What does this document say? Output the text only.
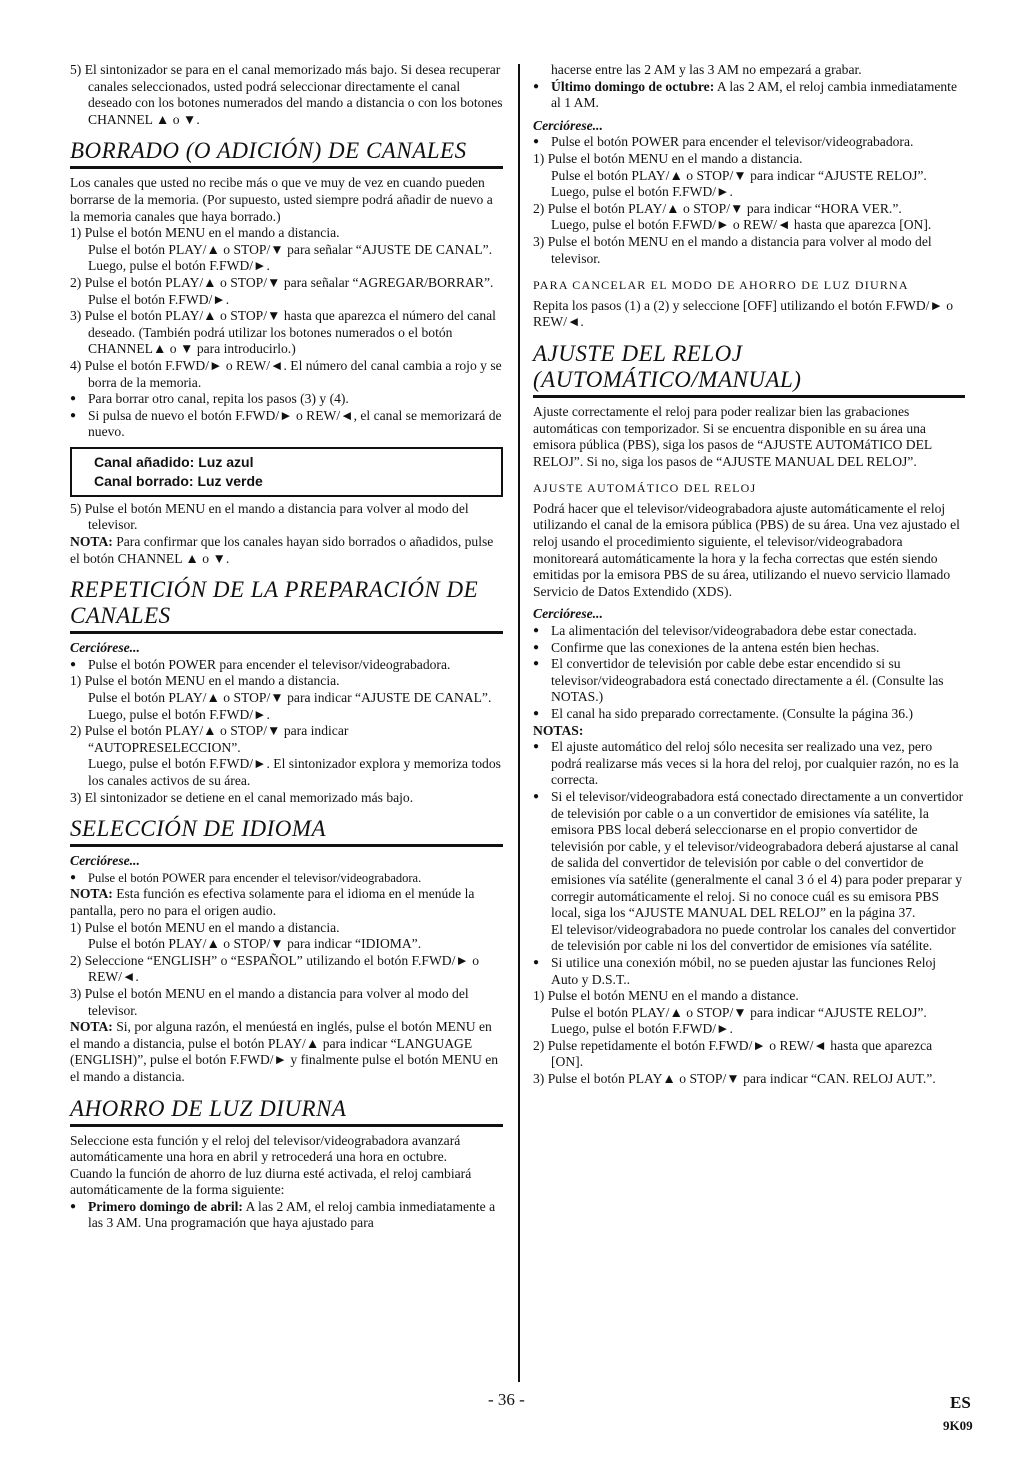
5) El sintonizador se para en el canal memorizado más bajo. Si desea recuperar canales seleccionados, usted podrá seleccionar directamente el canal deseado con los botones numerados del mando a distancia o con los botones CHANNEL ▲ o ▼.

BORRADO (O ADICIÓN) DE CANALES

Los canales que usted no recibe más o que ve muy de vez en cuando pueden borrarse de la memoria. (Por supuesto, usted siempre podrá añadir de nuevo a la memoria canales que haya borrado.)

1) Pulse el botón MENU en el mando a distancia.

Pulse el botón PLAY/▲ o STOP/▼ para señalar “AJUSTE DE CANAL”.

Luego, pulse el botón F.FWD/►.

2) Pulse el botón PLAY/▲ o STOP/▼ para señalar “AGREGAR/BORRAR”.

Pulse el botón F.FWD/►.

3) Pulse el botón PLAY/▲ o STOP/▼ hasta que aparezca el número del canal deseado. (También podrá utilizar los botones numerados o el botón CHANNEL▲ o ▼ para introducirlo.)

4) Pulse el botón F.FWD/► o REW/◄. El número del canal cambia a rojo y se borra de la memoria.

● Para borrar otro canal, repita los pasos (3) y (4).

● Si pulsa de nuevo el botón F.FWD/► o REW/◄, el canal se memorizará de nuevo.

Canal añadido: Luz azul
Canal borrado: Luz verde

5) Pulse el botón MENU en el mando a distancia para volver al modo del televisor.

NOTA: Para confirmar que los canales hayan sido borrados o añadidos, pulse el botón CHANNEL ▲ o ▼.

REPETICIÓN DE LA PREPARACIÓN DE CANALES

Cerciórese...

● Pulse el botón POWER para encender el televisor/videograbadora.

1) Pulse el botón MENU en el mando a distancia.

Pulse el botón PLAY/▲ o STOP/▼ para indicar “AJUSTE DE CANAL”.

Luego, pulse el botón F.FWD/►.

2) Pulse el botón PLAY/▲ o STOP/▼ para indicar “AUTOPRESELECCION”.

Luego, pulse el botón F.FWD/►. El sintonizador explora y memoriza todos los canales activos de su área.

3) El sintonizador se detiene en el canal memorizado más bajo.

SELECCIÓN DE IDIOMA

Cerciórese...

● Pulse el botón POWER para encender el televisor/videograbadora.

NOTA: Esta función es efectiva solamente para el idioma en el menúde la pantalla, pero no para el origen audio.

1) Pulse el botón MENU en el mando a distancia.

Pulse el botón PLAY/▲ o STOP/▼ para indicar “IDIOMA”.

2) Seleccione “ENGLISH” o “ESPAÑOL” utilizando el botón F.FWD/► o REW/◄.

3) Pulse el botón MENU en el mando a distancia para volver al modo del televisor.

NOTA: Si, por alguna razón, el menúestá en inglés, pulse el botón MENU en el mando a distancia, pulse el botón PLAY/▲ para indicar “LANGUAGE (ENGLISH)”, pulse el botón F.FWD/► y finalmente pulse el botón MENU en el mando a distancia.

AHORRO DE LUZ DIURNA

Seleccione esta función y el reloj del televisor/videograbadora avanzará automáticamente una hora en abril y retrocederá una hora en octubre.

Cuando la función de ahorro de luz diurna esté activada, el reloj cambiará automáticamente de la forma siguiente:

● Primero domingo de abril: A las 2 AM, el reloj cambia inmediatamente a las 3 AM. Una programación que haya ajustado para

hacerse entre las 2 AM y las 3 AM no empezará a grabar.

● Último domingo de octubre: A las 2 AM, el reloj cambia inmediatamente al 1 AM.

Cerciórese...

● Pulse el botón POWER para encender el televisor/videograbadora.

1) Pulse el botón MENU en el mando a distancia.

Pulse el botón PLAY/▲ o STOP/▼ para indicar “AJUSTE RELOJ”.

Luego, pulse el botón F.FWD/►.

2) Pulse el botón PLAY/▲ o STOP/▼ para indicar “HORA VER.”.

Luego, pulse el botón F.FWD/► o REW/◄ hasta que aparezca [ON].

3) Pulse el botón MENU en el mando a distancia para volver al modo del televisor.

PARA CANCELAR EL MODO DE AHORRO DE LUZ DIURNA

Repita los pasos (1) a (2) y seleccione [OFF] utilizando el botón F.FWD/► o REW/◄.

AJUSTE DEL RELOJ (AUTOMÁTICO/MANUAL)

Ajuste correctamente el reloj para poder realizar bien las grabaciones automáticas con temporizador. Si se encuentra disponible en su área una emisora pública (PBS), siga los pasos de “AJUSTE AUTOMáTICO DEL RELOJ”. Si no, siga los pasos de “AJUSTE MANUAL DEL RELOJ”.

AJUSTE AUTOMÁTICO DEL RELOJ

Podrá hacer que el televisor/videograbadora ajuste automáticamente el reloj utilizando el canal de la emisora pública (PBS) de su área. Una vez ajustado el reloj usando el procedimiento siguiente, el televisor/videograbadora monitoreará automáticamente la hora y la fecha correctas que estén siendo emitidas por la emisora PBS de su área, utilizando el nuevo servicio llamado Servicio de Datos Extendido (XDS).

Cerciórese...

● La alimentación del televisor/videograbadora debe estar conectada.

● Confirme que las conexiones de la antena estén bien hechas.

● El convertidor de televisión por cable debe estar encendido si su televisor/videograbadora está conectado directamente a él. (Consulte las NOTAS.)

● El canal ha sido preparado correctamente. (Consulte la página 36.)

NOTAS:

● El ajuste automático del reloj sólo necesita ser realizado una vez, pero podrá realizarse más veces si la hora del reloj, por cualquier razón, no es la correcta.

● Si el televisor/videograbadora está conectado directamente a un convertidor de televisión por cable o a un convertidor de emisiones vía satélite, la emisora PBS local deberá seleccionarse en el propio convertidor de televisión por cable, y el televisor/videograbadora deberá ajustarse al canal de salida del convertidor de televisión por cable o del convertidor de emisiones vía satélite (generalmente el canal 3 ó el 4) para poder preparar y corregir automáticamente el reloj. Si no conoce cuál es su emisora PBS local, siga los “AJUSTE MANUAL DEL RELOJ” en la página 37.

El televisor/videograbadora no puede controlar los canales del convertidor de televisión por cable ni los del convertidor de emisiones vía satélite.

● Si utilice una conexión móbil, no se pueden ajustar las funciones Reloj Auto y D.S.T..

1) Pulse el botón MENU en el mando a distance.

Pulse el botón PLAY/▲ o STOP/▼ para indicar “AJUSTE RELOJ”.

Luego, pulse el botón F.FWD/►.

2) Pulse repetidamente el botón F.FWD/► o REW/◄ hasta que aparezca [ON].

3) Pulse el botón PLAY▲ o STOP/▼ para indicar “CAN. RELOJ AUT.”.

- 36 -	ES
9K09
